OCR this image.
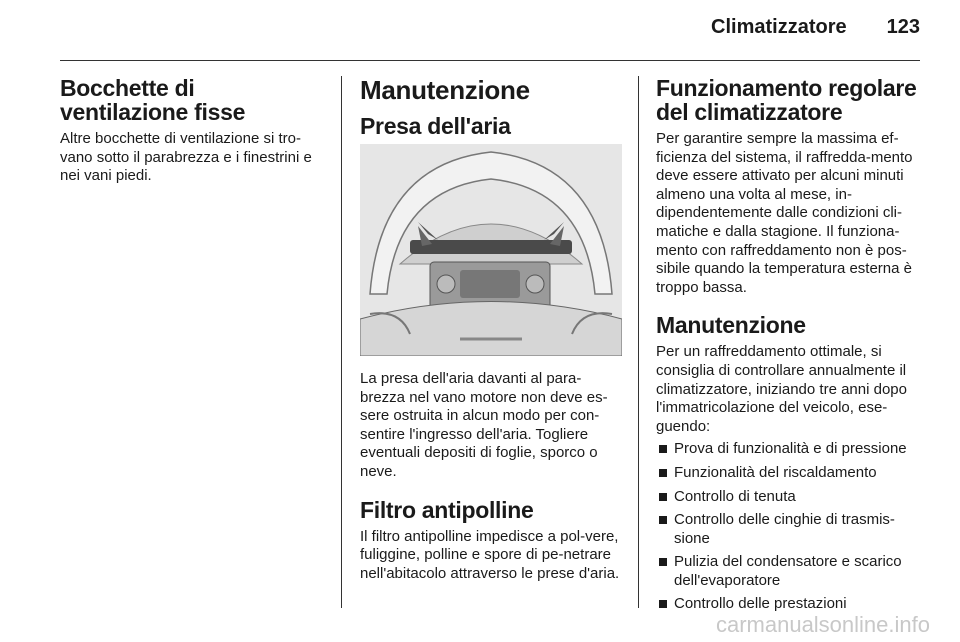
Climatizzatore 123
Bocchette di ventilazione fisse

Altre bocchette di ventilazione si tro-vano sotto il parabrezza e i finestrini e nei vani piedi.

Manutenzione
Presa dell'aria

La presa dell'aria davanti al para-brezza nel vano motore non deve es-sere ostruita in alcun modo per con-sentire l'ingresso dell'aria. Togliere eventuali depositi di foglie, sporco o neve.

Filtro antipolline

Il filtro antipolline impedisce a pol-vere, fuliggine, polline e spore di pe-netrare nell'abitacolo attraverso le prese d'aria.

Funzionamento regolare del climatizzatore

Per garantire sempre la massima ef-ficienza del sistema, il raffredda-mento deve essere attivato per alcuni minuti almeno una volta al mese, in-dipendentemente dalle condizioni cli-matiche e dalla stagione. Il funziona-mento con raffreddamento non è pos-sibile quando la temperatura esterna è troppo bassa.

Manutenzione

Per un raffreddamento ottimale, si consiglia di controllare annualmente il climatizzatore, iniziando tre anni dopo l'immatricolazione del veicolo, ese-guendo:

Prova di funzionalità e di pressione
Funzionalità del riscaldamento
Controllo di tenuta
Controllo delle cinghie di trasmis-sione
Pulizia del condensatore e scarico dell'evaporatore
Controllo delle prestazioni
carmanualsonline.info
